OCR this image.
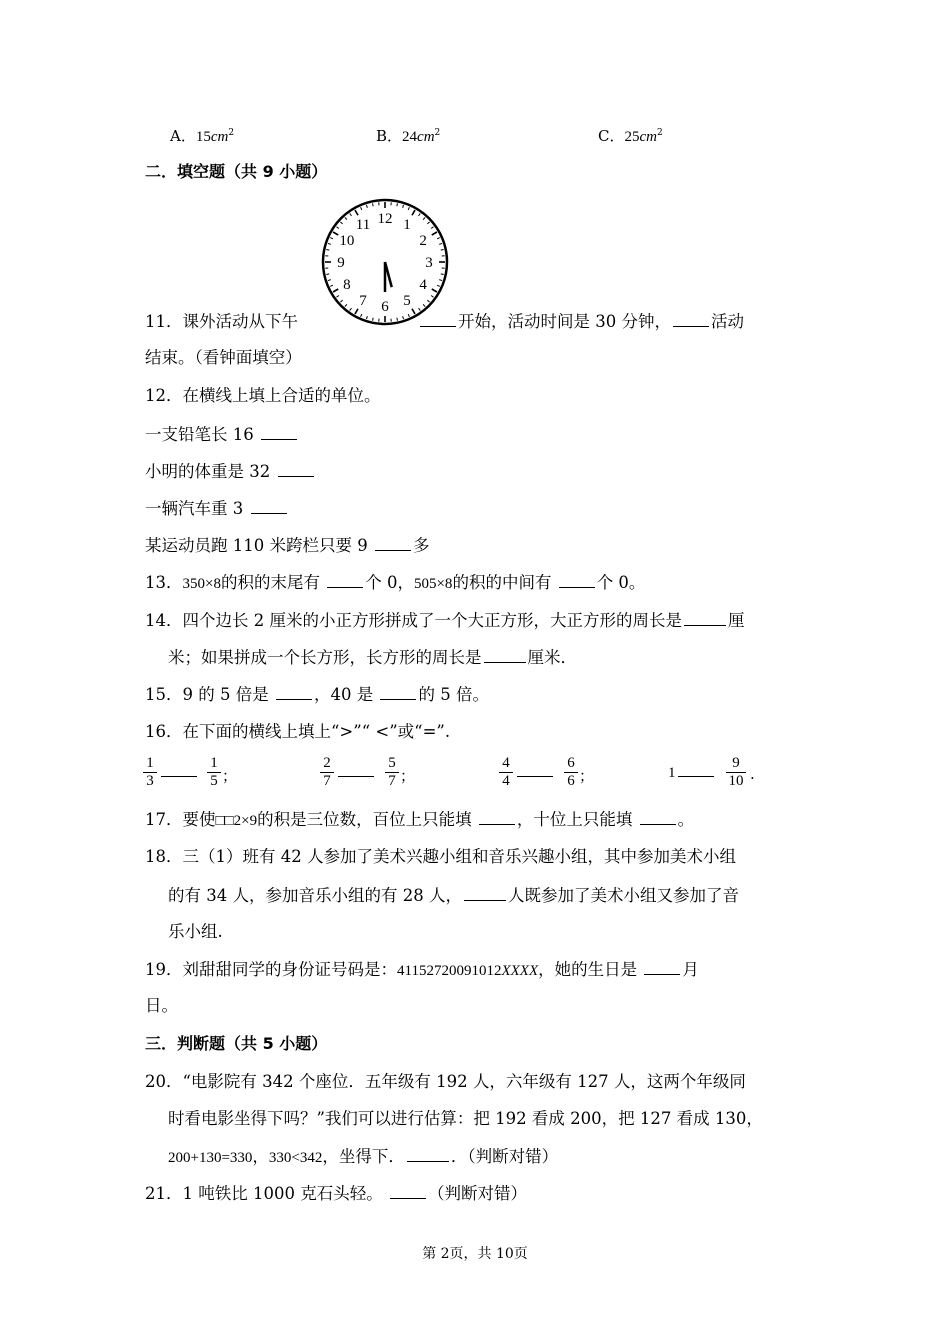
A．$15cm^2$	B．$24cm^2$	C．$25cm^2$
二．填空题（共 9 小题）
12 1
2
3
4
5
6
7
8
9
10
11
11．课外活动从下午	开始，活动时间是 30 分钟， 活动
结束。（看钟面填空）
12．在横线上填上合适的单位。
一支铅笔长 16
小明的体重是 32
一辆汽车重 3
某运动员跑 110 米跨栏只要 9	多
13．350×8的积的末尾有	个 0，505×8的积的中间有	个 0。
14．四个边长 2 厘米的小正方形拼成了一个大正方形，大正方形的周长是	厘
米；如果拼成一个长方形，长方形的周长是	厘米．
15．9 的 5 倍是	，40 是	的 5 倍。
16．在下面的横线上填上“>”“ <”或“=”.
$\frac{1}{3}$	$\frac{1}{5}$ ；	$\frac{2}{7}$	$\frac{5}{7}$ ；	$\frac{4}{4}$	$\frac{6}{6}$ ；	1	$\frac{9}{10}$ .
17．要使□□2×9的积是三位数，百位上只能填	，十位上只能填	。
18．三（1）班有 42 人参加了美术兴趣小组和音乐兴趣小组，其中参加美术小组
的有 34 人，参加音乐小组的有 28 人，	人既参加了美术小组又参加了音
乐小组.
19．刘甜甜同学的身份证号码是：41152720091012XXXX，她的生日是	月
日。
三．判断题（共 5 小题）
20．“电影院有 342 个座位．五年级有 192 人，六年级有 127 人，这两个年级同
时看电影坐得下吗？”我们可以进行估算：把 192 看成 200，把 127 看成 130，
200+130=330，330<342，坐得下．	．（判断对错）
21．1 吨铁比 1000 克石头轻。	（判断对错）
第 2页，共 10页
